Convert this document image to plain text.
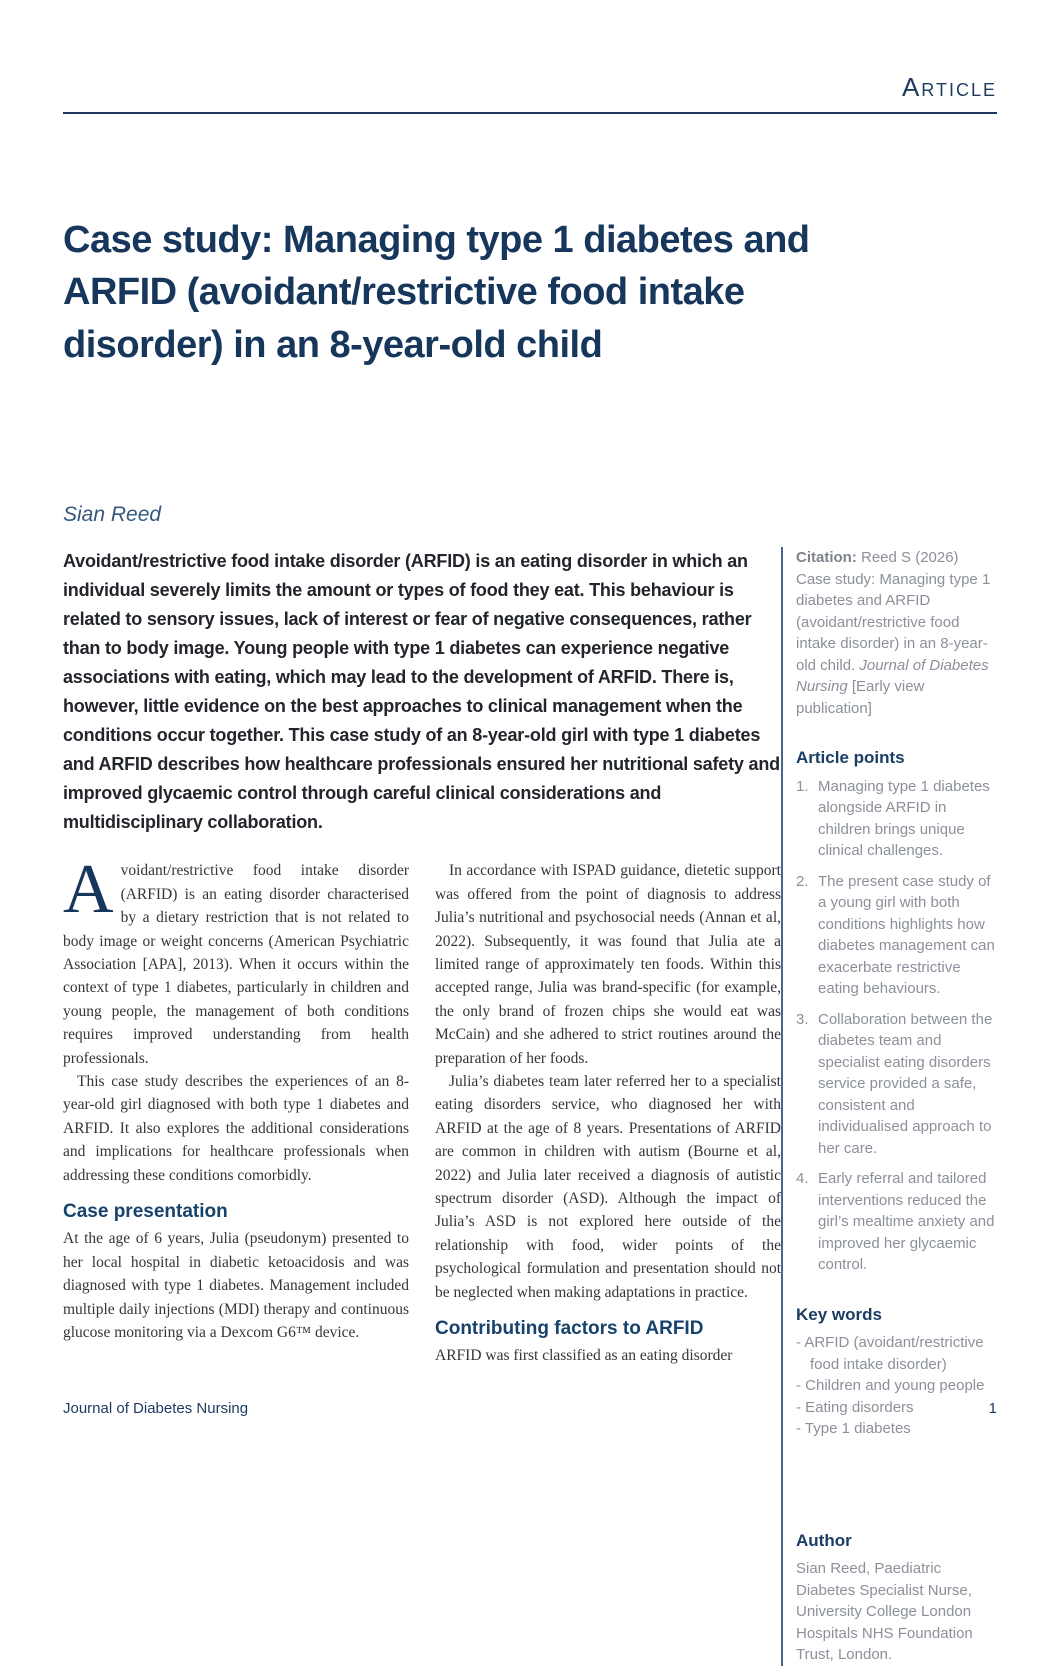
Article
Case study: Managing type 1 diabetes and ARFID (avoidant/restrictive food intake disorder) in an 8-year-old child
Sian Reed

Avoidant/restrictive food intake disorder (ARFID) is an eating disorder in which an individual severely limits the amount or types of food they eat. This behaviour is related to sensory issues, lack of interest or fear of negative consequences, rather than to body image. Young people with type 1 diabetes can experience negative associations with eating, which may lead to the development of ARFID. There is, however, little evidence on the best approaches to clinical management when the conditions occur together. This case study of an 8-year-old girl with type 1 diabetes and ARFID describes how healthcare professionals ensured her nutritional safety and improved glycaemic control through careful clinical considerations and multidisciplinary collaboration.

Avoidant/restrictive food intake disorder (ARFID) is an eating disorder characterised by a dietary restriction that is not related to body image or weight concerns (American Psychiatric Association [APA], 2013). When it occurs within the context of type 1 diabetes, particularly in children and young people, the management of both conditions requires improved understanding from health professionals.

This case study describes the experiences of an 8-year-old girl diagnosed with both type 1 diabetes and ARFID. It also explores the additional considerations and implications for healthcare professionals when addressing these conditions comorbidly.

Case presentation

At the age of 6 years, Julia (pseudonym) presented to her local hospital in diabetic ketoacidosis and was diagnosed with type 1 diabetes. Management included multiple daily injections (MDI) therapy and continuous glucose monitoring via a Dexcom G6™ device.

In accordance with ISPAD guidance, dietetic support was offered from the point of diagnosis to address Julia’s nutritional and psychosocial needs (Annan et al, 2022). Subsequently, it was found that Julia ate a limited range of approximately ten foods. Within this accepted range, Julia was brand-specific (for example, the only brand of frozen chips she would eat was McCain) and she adhered to strict routines around the preparation of her foods.

Julia’s diabetes team later referred her to a specialist eating disorders service, who diagnosed her with ARFID at the age of 8 years. Presentations of ARFID are common in children with autism (Bourne et al, 2022) and Julia later received a diagnosis of autistic spectrum disorder (ASD). Although the impact of Julia’s ASD is not explored here outside of the relationship with food, wider points of the psychological formulation and presentation should not be neglected when making adaptations in practice.

Contributing factors to ARFID

ARFID was first classified as an eating disorder

Citation: Reed S (2026) Case study: Managing type 1 diabetes and ARFID (avoidant/restrictive food intake disorder) in an 8-year-old child. Journal of Diabetes Nursing [Early view publication]

Article points
1. Managing type 1 diabetes alongside ARFID in children brings unique clinical challenges.
2. The present case study of a young girl with both conditions highlights how diabetes management can exacerbate restrictive eating behaviours.
3. Collaboration between the diabetes team and specialist eating disorders service provided a safe, consistent and individualised approach to her care.
4. Early referral and tailored interventions reduced the girl’s mealtime anxiety and improved her glycaemic control.
Key words
- ARFID (avoidant/restrictive food intake disorder)
- Children and young people
- Eating disorders
- Type 1 diabetes
Author

Sian Reed, Paediatric Diabetes Specialist Nurse, University College London Hospitals NHS Foundation Trust, London.

Journal of Diabetes Nursing	1
